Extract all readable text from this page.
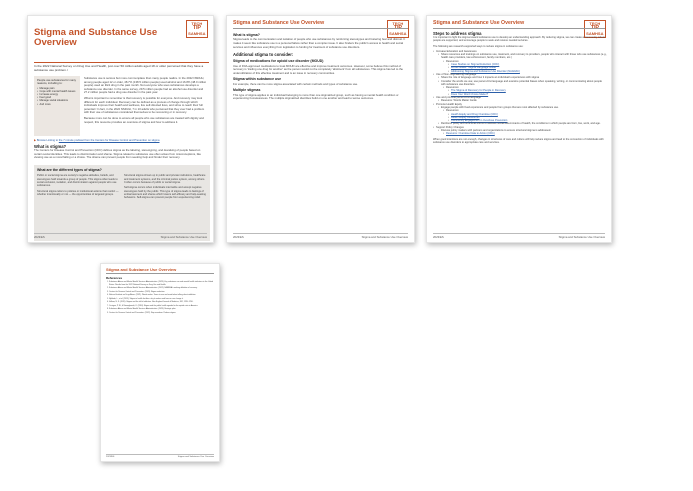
TECH
TIP
SAMHSA
Stigma and Substance Use Overview
In the 2022 National Survey on Drug Use and Health, just over 50 million adults aged 18 or older perceived that they have a substance use problem.¹
People use substances for many reasons, including to:
• Manage pain
• Cope with mental health issues
• Increase energy
• Feel good
• Manage social situations
• And more

Substance use is serious but more commonplace than many people realize. In the 2022 NSDUH, among people aged 12 or older, 48.7% (138.5 million people) used alcohol and 16.8% (48.0 million people) used an illicit drug in the past month. Not everyone who uses substances develops a substance use disorder. In the same survey, 29.5 million people had an alcohol use disorder and 27.2 million people had a drug use disorder in the past year.

What is important to remember is that recovery is possible for everyone. And recovery may look different for each individual. Recovery can be defined as a process of change through which individuals improve their health and wellness, live self-directed lives, and strive to reach their full potential.² In fact, in the 2022 NSDUH, 7 in 10 adults who perceived that they ever had a problem with their use of substances considered themselves to be recovering or in recovery.

Because more can be done to ensure all people who use substances are treated with dignity and respect, this resource provides an overview of stigma and how to address it.

▶ Browse Linking to the 7 minute podcast from the Centers for Disease Control and Prevention on stigma
What is stigma?

The Centers for Disease Control and Prevention (CDC) defines stigma as the labeling, stereotyping, and devaluing of people based on certain social identities. This leads to discrimination and shame. Stigma related to substance use often arises from misconceptions, like viewing use as a moral failing or a choice. The shame can prevent people from seeking help and hinder their recovery.

What are the different types of stigma?

Public or social stigma are society's negative attitudes, beliefs, and stereotypes held towards a group of people. This stigma often leads to social exclusion, isolation, and discrimination against people who use substances.

Structural stigma refers to policies or institutional actions that restrict — whether intentionally or not — the opportunities of targeted groups.

Structural stigma shows up in public and private institutions, healthcare and treatment systems, and the criminal justice system, among others. It often occurs because of public or social stigma.

Self-stigma occurs when individuals internalize and accept negative stereotypes held by the public. This type of stigma leads to feelings of embarrassment and shame which lowers self-efficacy and help-seeking behaviors. Self-stigma can prevent people from experiencing relief.

2023/ES	Stigma and Substance Use Overview
Stigma and Substance Use Overview	TECH
TIP
SAMHSA
What is stigma?

Stigma leads to the communication and isolation of people who use substances by reinforcing stereotypes and fostering fear and distrust. It makes it seem like substance use is a personal failure rather than a complex issue. It also hinders the public's access to health and social services and influences everything from legislation to funding for treatment of substance use disorders.

Additional stigma to consider:
Stigma of medications for opioid use disorder (MOUD)

Use of FDA-approved medications to treat MOUD are effective and improve treatment outcomes. However, some believe this method of recovery is 'trading one drug for another' as the person would not be completely 'abstinent' from all substances. This stigma has led to the underutilization of this effective treatment and is an issue in recovery communities.

Stigma within substance use

For example, there can be more stigma associated with certain methods and types of substance use.

Multiple stigmas

This type of stigma applies to an individual belonging to more than one stigmatized group, such as having a mental health condition or experiencing homelessness. The multiple stigmatized identities build on one another and lead to worse outcomes.

2023/ES	Stigma and Substance Use Overview
Stigma and Substance Use Overview	TECH
TIP
SAMHSA
Steps to address stigma

It is important to fight the stigma toward substance use to develop an understanding approach. By reducing stigma, we can create a community where people are supported, and encourage people to seek and receive needed services.

The following are research-supported ways to reduce stigma in substance use:

• Increase Education and Awareness
• Share resources and trainings on substance use, treatment, and recovery to providers, people who interact with those who use substances (e.g., health care providers, law enforcement, family members, etc.)
• Resources:
• Case Studies on Stigma Reduction (CDC)
• Words Matter: Stigma Language Guide
• Addressing Stigma and Substance Use Disorder (NAADAC)
• Use of Non-Stigmatizing Language
• Share the role of language and how it impacts an individual's experiences with stigma
• Consider the words we use; use person-first language and examine potential biases when speaking, writing, or communicating about people with substance use disorders.
• Resources:
• The Stigma of Recovery for People in Recovery
• Does Your Word Choice Matter?
• Use and promote person-first language
• Resource: Words Matter Guide
• Promote Health Equity
• Engage people with lived experience and people from groups that are most affected by substance use.
• Resources:
• Health Equity and Drug Overdose (CDC)
• Health Equity Resources
• Community Engagement in Overdose Prevention
• Reinforce policy and structural efforts to address social determinants of health, the conditions in which people are born, live, work, and age.
• Support Policy Changes
• Discuss policy matters with partners and organizations to ensure structural stigma is addressed.
• Resource: Overdose Data to Action (CDC)

When good intentions are not enough, changes in structures of care and culture will help reduce stigma and lead to the connection of individuals with substance use disorders to appropriate care and services.

2023/ES	Stigma and Substance Use Overview
Stigma and Substance Use Overview
References
1. Substance Abuse and Mental Health Services Administration. (2023). Key substance use and mental health indicators in the United States: Results from the 2022 National Survey on Drug Use and Health.
2. Substance Abuse and Mental Health Services Administration. (2012). SAMHSA's working definition of recovery.
3. Centers for Disease Control and Prevention. (2023). Stigma reduction.
4. National Institute on Drug Abuse. (2021). Words matter: Terms to use and avoid when talking about addiction.
5. Nyblade, L., et al. (2019). Stigma in health facilities: why it matters and how we can change it.
6. Volkow, N. D. (2020). Stigma and the toll of addiction. New England Journal of Medicine, 382, 1289–1290.
7. Corrigan, P. W., & Nieweglowski, K. (2018). Stigma and the public health agenda for the opioid crisis in America.
8. Substance Abuse and Mental Health Services Administration. (2023). Strategic plan.
9. Centers for Disease Control and Prevention. (2022). Stop overdose: Reduce stigma.
2023/ES	Stigma and Substance Use Overview
